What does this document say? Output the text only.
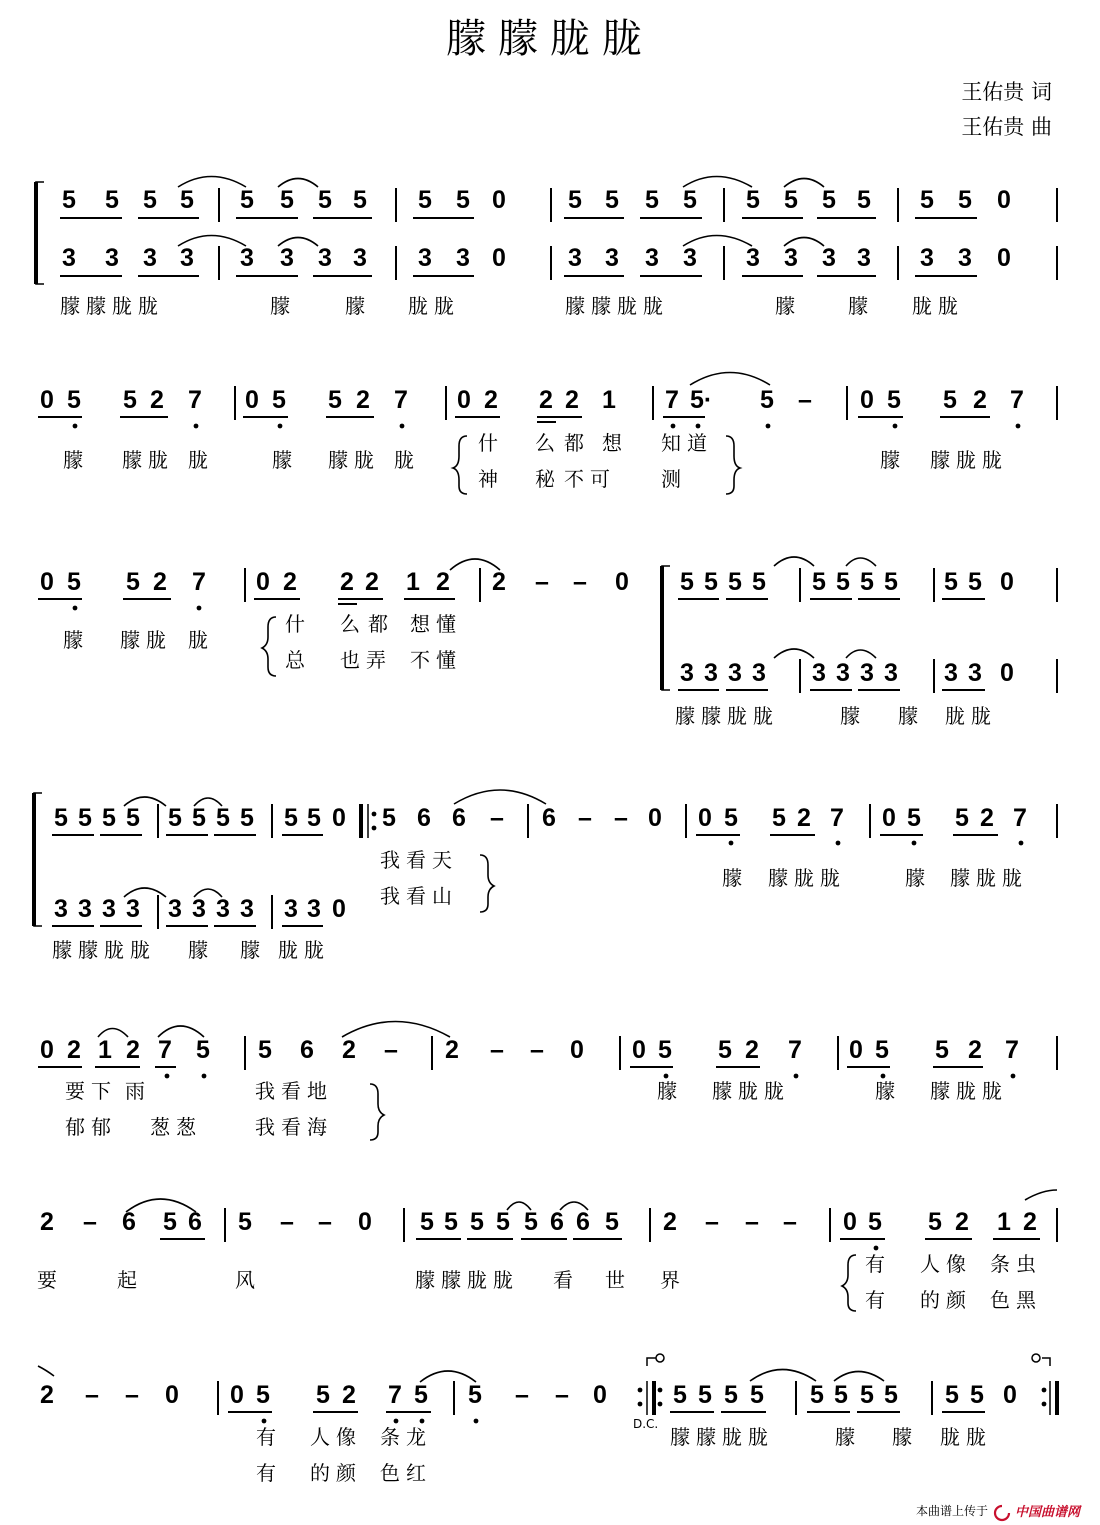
朦朦胧胧
王佑贵 词
王佑贵 曲
5 5 5 5 5 5 5 5 5 5 0 5 5 5 5 5 5 5 5 5 5 0
3 3 3 3 3 3 3 3 3 3 0 3 3 3 3 3 3 3 3 3 3 0
朦朦胧胧	朦	朦 胧胧	朦朦胧胧	朦	朦 胧胧
0 5 5 2 7 0 5 5 2 7 0 2 2 2 1 7 5· 5 – 0 5 5 2 7
朦 朦胧 胧	朦 朦胧 胧
什 么 都 想 知道
神 秘 不可 测
朦 朦胧胧
0 5 5 2 7 0 2 2 2 1 2 2 – – 0 5 5 5 5 5 5 5 5 5 5 0
3 3 3 3 3 3 3 3 3 3 0
朦 朦胧 胧
什 么 都 想懂
总 也弄 不懂
朦朦胧胧	朦 朦 胧胧
5 5 5 5 5 5 5 5 5 5 0 5 6 6 – 6 – – 0 0 5 5 2 7 0 5 5 2 7
3 3 3 3 3 3 3 3 3 3 0
我看天
我看山
朦 朦胧胧	朦 朦胧胧
朦朦胧胧 朦 朦 胧胧
0 2 1 2 7 5 5 6 2 – 2 – – 0 0 5 5 2 7 0 5 5 2 7
要下 雨	我看地
郁郁 葱葱	我看海
朦 朦胧胧	朦 朦胧胧
2 – 6 5 6 5 – – 0 5 5 5 5 5 6 6 5 2 – – – 0 5 5 2 1 2
要	起	风	朦朦胧胧 看 世 界
有 人像 条虫
有 的颜 色黑
D.C.
2 – – 0 0 5 5 2 7 5 5 – – 0	5 5 5 5 5 5 5 5 5 5 0
有 人像 条龙
有 的颜 色红
朦朦胧胧	朦 朦 胧胧
本曲谱上传于 中国曲谱网
